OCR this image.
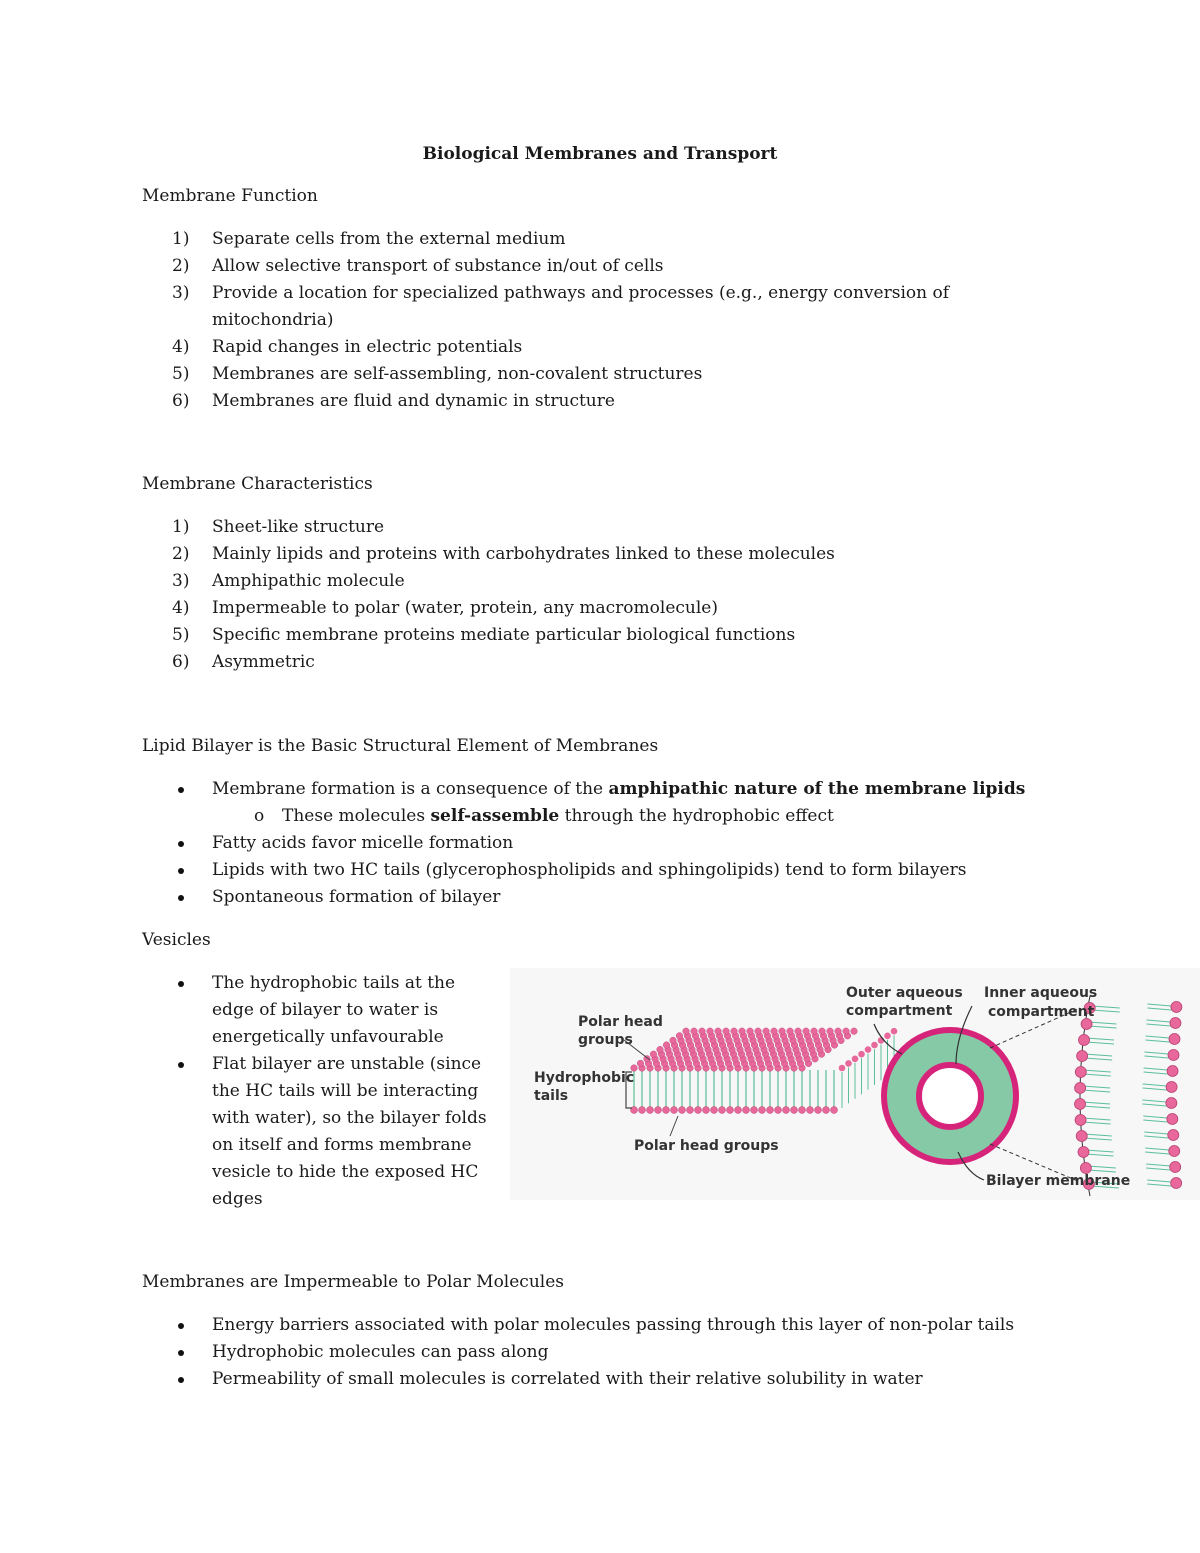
Biological Membranes and Transport
Membrane Function
1) Separate cells from the external medium
2) Allow selective transport of substance in/out of cells
3) Provide a location for specialized pathways and processes (e.g., energy conversion of mitochondria)
4) Rapid changes in electric potentials
5) Membranes are self-assembling, non-covalent structures
6) Membranes are fluid and dynamic in structure
Membrane Characteristics
1) Sheet-like structure
2) Mainly lipids and proteins with carbohydrates linked to these molecules
3) Amphipathic molecule
4) Impermeable to polar (water, protein, any macromolecule)
5) Specific membrane proteins mediate particular biological functions
6) Asymmetric
Lipid Bilayer is the Basic Structural Element of Membranes
Membrane formation is a consequence of the amphipathic nature of the membrane lipids
o These molecules self-assemble through the hydrophobic effect
Fatty acids favor micelle formation
Lipids with two HC tails (glycerophospholipids and sphingolipids) tend to form bilayers
Spontaneous formation of bilayer
Vesicles
The hydrophobic tails at the edge of bilayer to water is energetically unfavourable
Flat bilayer are unstable (since the HC tails will be interacting with water), so the bilayer folds on itself and forms membrane vesicle to hide the exposed HC edges
Polar head
groups
Hydrophobic
tails
Polar head groups
Outer aqueous
compartment
Inner aqueous
compartment
Bilayer membrane
Membranes are Impermeable to Polar Molecules
Energy barriers associated with polar molecules passing through this layer of non-polar tails
Hydrophobic molecules can pass along
Permeability of small molecules is correlated with their relative solubility in water
